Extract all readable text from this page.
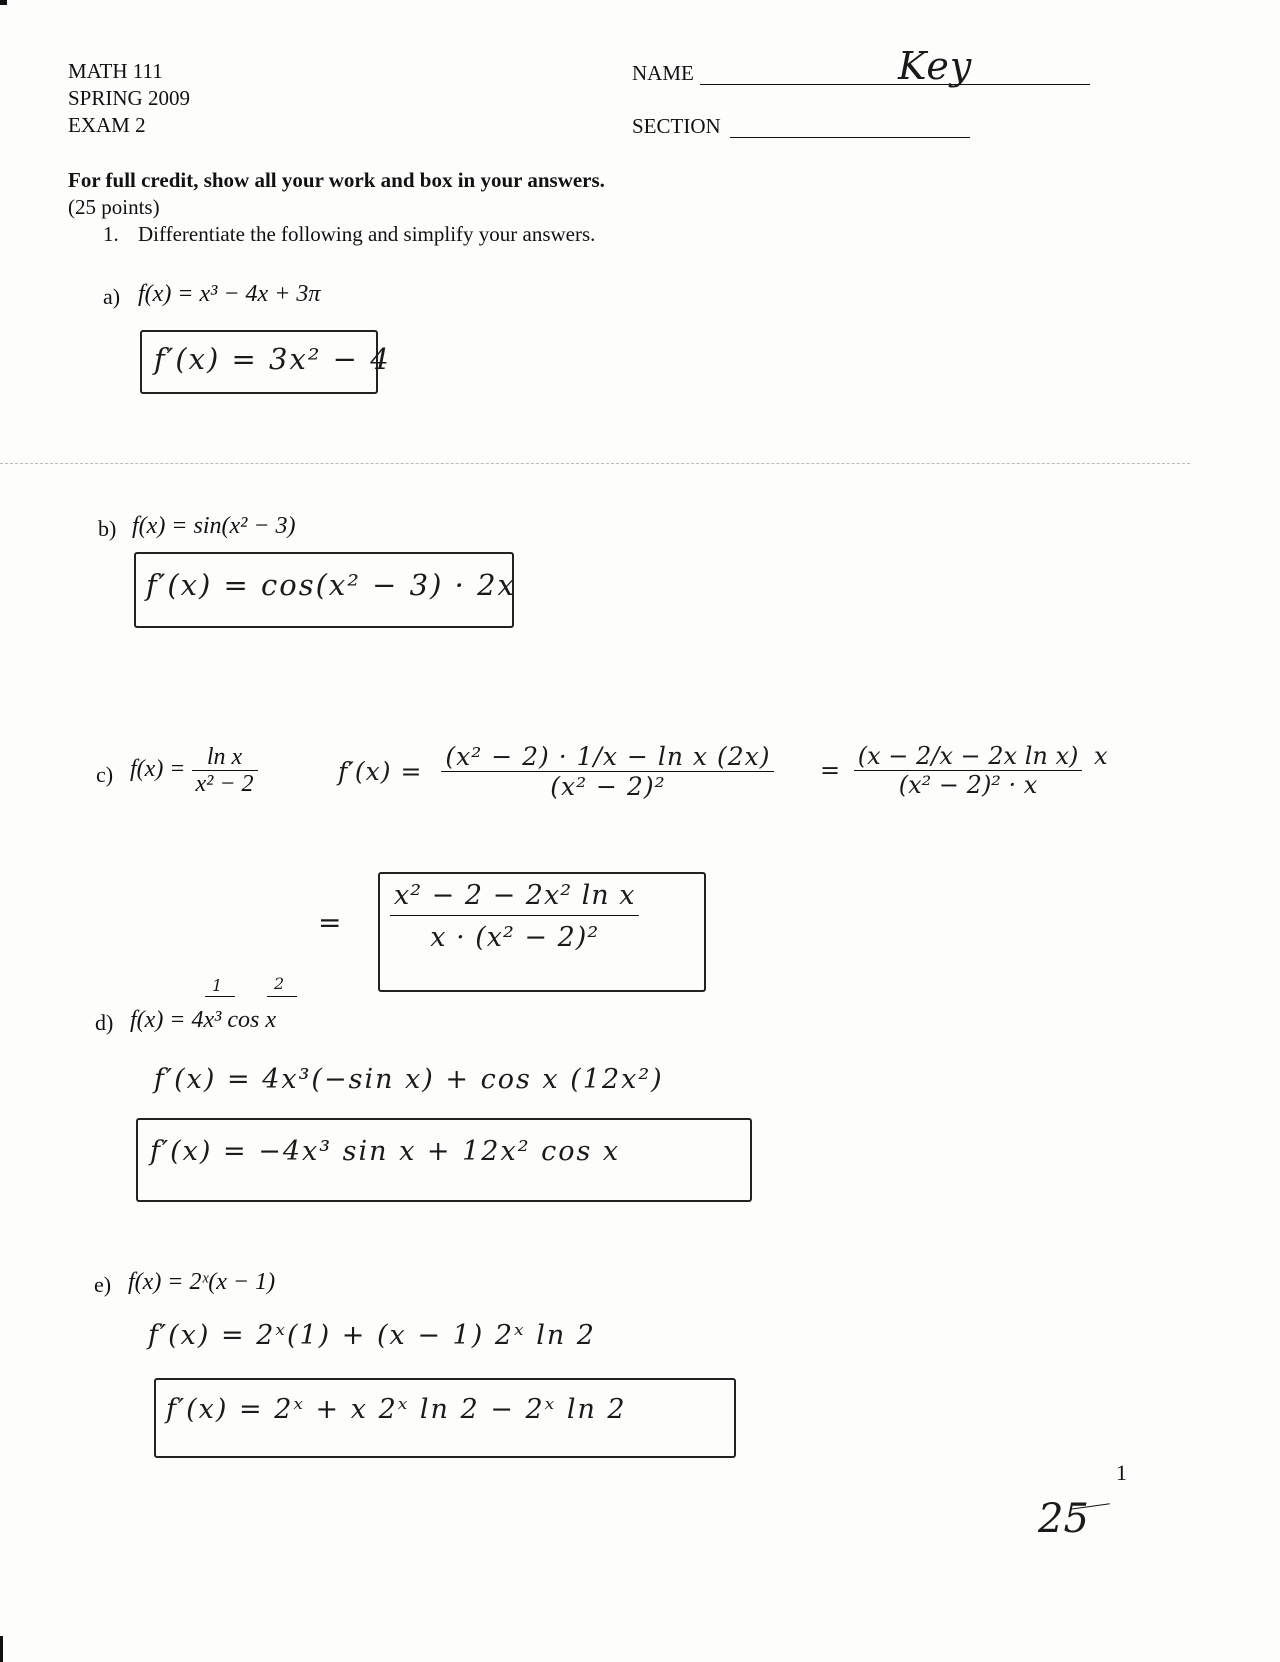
MATH 111
SPRING 2009
EXAM 2
NAME	Key
SECTION
For full credit, show all your work and box in your answers.
(25 points)
1. Differentiate the following and simplify your answers.
a) f(x) = x³ − 4x + 3π
f′(x) = 3x² − 4
b) f(x) = sin(x² − 3)
f′(x) = cos(x² − 3) · 2x
c) $f(x) = \frac{\text{ln x}}{\text{x² − 2}}$	$f'(x) = \frac{\text{(x² − 2) · 1/x − ln x (2x)}}{\text{(x² − 2)²}} = \frac{\text{(x − 2/x − 2x ln x)}}{\text{(x² − 2)² · x}}$ x
= $\frac{\text{x² − 2 − 2x² ln x}}{\text{x · (x² − 2)²}}$
1	2
d) f(x) = 4x³ cos x
f′(x) = 4x³(−sin x) + cos x (12x²)
f′(x) = −4x³ sin x + 12x² cos x
e) f(x) = 2ˣ(x − 1)
f′(x) = 2ˣ(1) + (x − 1) 2ˣ ln 2
f′(x) = 2ˣ + x 2ˣ ln 2 − 2ˣ ln 2
1
25
